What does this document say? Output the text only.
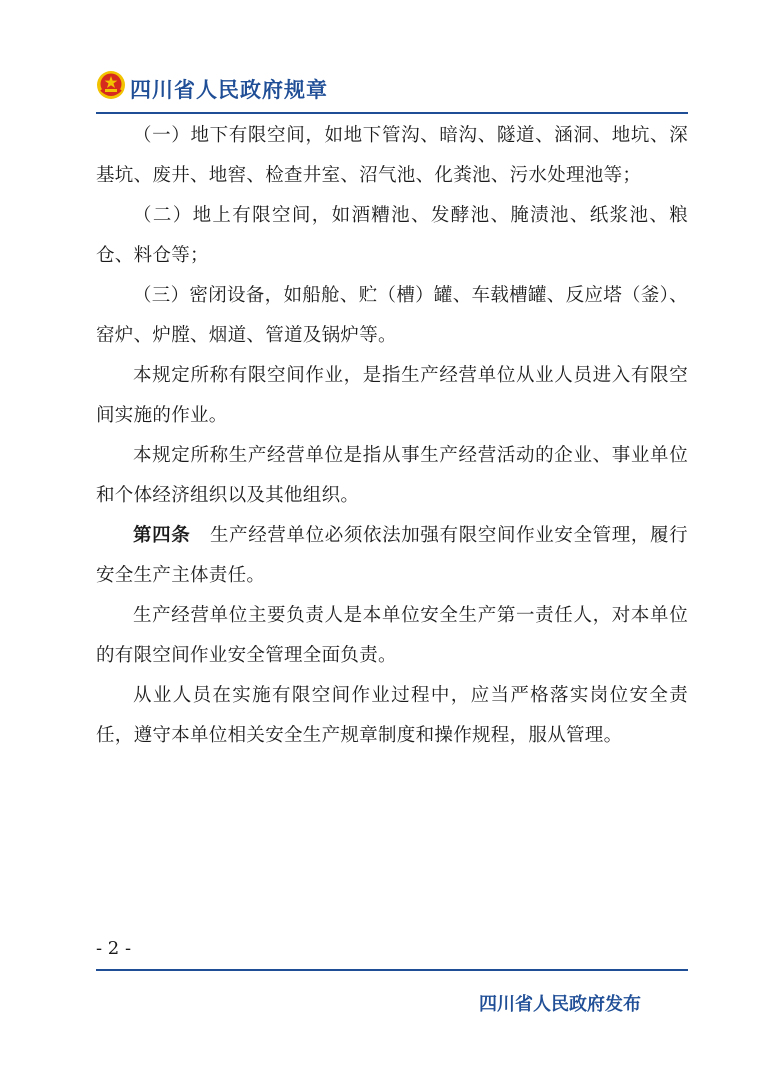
四川省人民政府规章

（一）地下有限空间，如地下管沟、暗沟、隧道、涵洞、地坑、深基坑、废井、地窖、检查井室、沼气池、化粪池、污水处理池等；

（二）地上有限空间，如酒糟池、发酵池、腌渍池、纸浆池、粮仓、料仓等；

（三）密闭设备，如船舱、贮（槽）罐、车载槽罐、反应塔（釜）、窑炉、炉膛、烟道、管道及锅炉等。

本规定所称有限空间作业，是指生产经营单位从业人员进入有限空间实施的作业。

本规定所称生产经营单位是指从事生产经营活动的企业、事业单位和个体经济组织以及其他组织。

第四条 生产经营单位必须依法加强有限空间作业安全管理，履行安全生产主体责任。

生产经营单位主要负责人是本单位安全生产第一责任人，对本单位的有限空间作业安全管理全面负责。

从业人员在实施有限空间作业过程中，应当严格落实岗位安全责任，遵守本单位相关安全生产规章制度和操作规程，服从管理。

- 2 -
四川省人民政府发布
